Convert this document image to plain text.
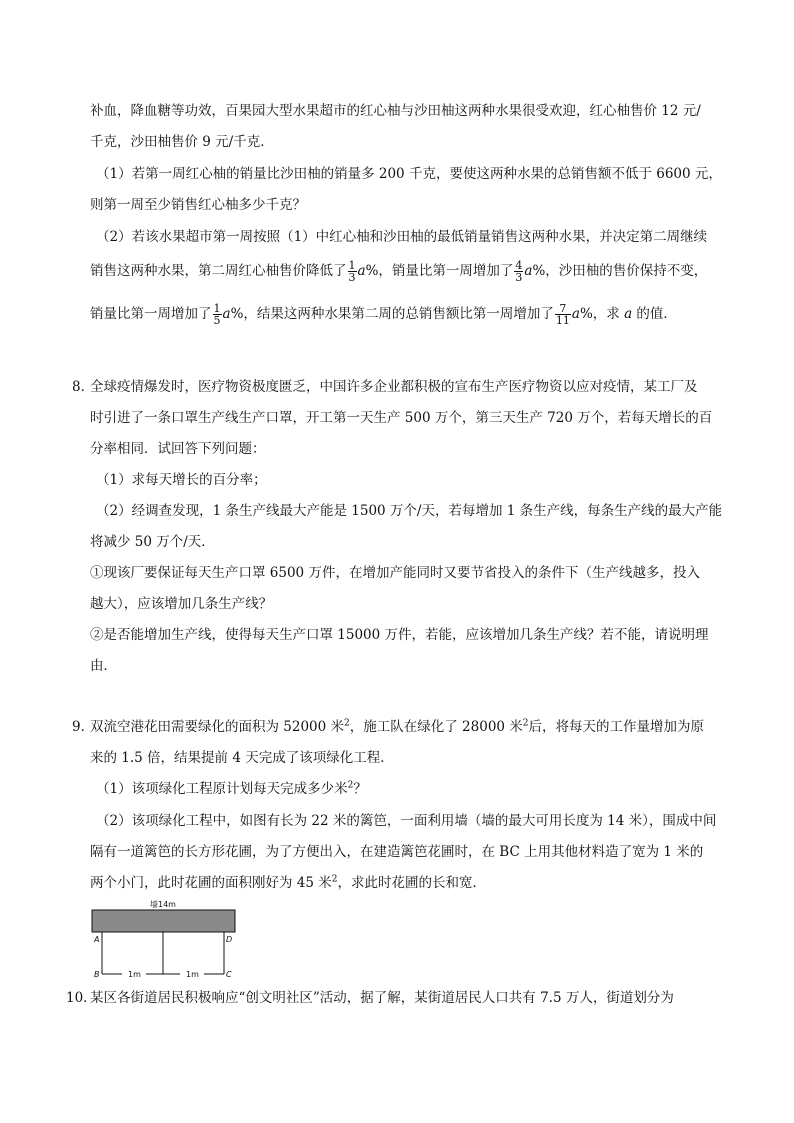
补血，降血糖等功效，百果园大型水果超市的红心柚与沙田柚这两种水果很受欢迎，红心柚售价 12 元/
千克，沙田柚售价 9 元/千克．
（1）若第一周红心柚的销量比沙田柚的销量多 200 千克，要使这两种水果的总销售额不低于 6600 元，
则第一周至少销售红心柚多少千克？
（2）若该水果超市第一周按照（1）中红心柚和沙田柚的最低销量销售这两种水果，并决定第二周继续
销售这两种水果，第二周红心柚售价降低了 $\frac{1}{3} a\%$，销量比第一周增加了 $\frac{4}{3} a\%$，沙田柚的售价保持不变，
销量比第一周增加了 $\frac{1}{5} a\%$，结果这两种水果第二周的总销售额比第一周增加了 $\frac{7}{11} a\%$，求 a 的值．
8．
全球疫情爆发时，医疗物资极度匮乏，中国许多企业都积极的宣布生产医疗物资以应对疫情，某工厂及
时引进了一条口罩生产线生产口罩，开工第一天生产 500 万个，第三天生产 720 万个，若每天增长的百
分率相同．试回答下列问题：
（1）求每天增长的百分率；
（2）经调查发现，1 条生产线最大产能是 1500 万个/天，若每增加 1 条生产线，每条生产线的最大产能
将减少 50 万个/天．
①现该厂要保证每天生产口罩 6500 万件，在增加产能同时又要节省投入的条件下（生产线越多，投入
越大），应该增加几条生产线？
②是否能增加生产线，使得每天生产口罩 15000 万件，若能，应该增加几条生产线？若不能，请说明理
由．
9．
双流空港花田需要绿化的面积为 52000 米$^2$，施工队在绿化了 28000 米$^2$后，将每天的工作量增加为原
来的 1.5 倍，结果提前 4 天完成了该项绿化工程．
（1）该项绿化工程原计划每天完成多少米$^2$？
（2）该项绿化工程中，如图有长为 22 米的篱笆，一面利用墙（墙的最大可用长度为 14 米），围成中间
隔有一道篱笆的长方形花圃，为了方便出入，在建造篱笆花圃时，在 BC 上用其他材料造了宽为 1 米的
两个小门，此时花圃的面积刚好为 45 米$^2$，求此时花圃的长和宽．
墙14m
A	D
B	C
1m	1m
10．
某区各街道居民积极响应“创文明社区”活动，据了解，某街道居民人口共有 7.5 万人，街道划分为
